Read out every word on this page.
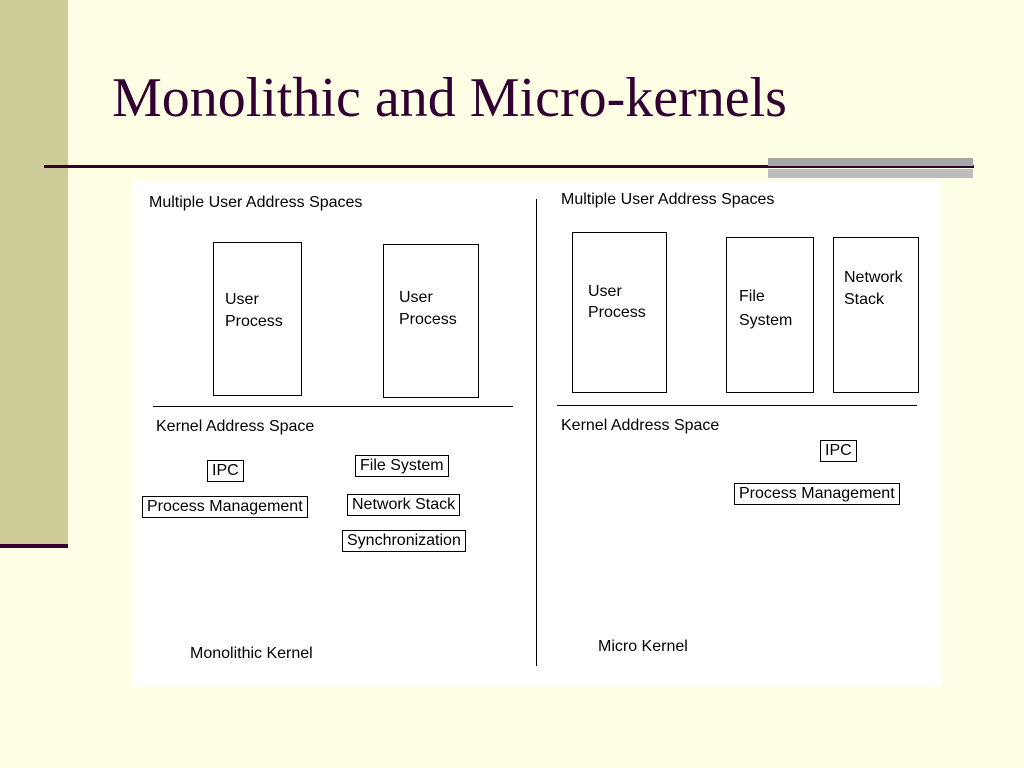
Monolithic and Micro-kernels
Multiple User Address Spaces
User
Process
User
Process
Kernel Address Space
IPC
Process Management
File System
Network Stack
Synchronization
Monolithic Kernel
Multiple User Address Spaces
User
Process
File
System
Network
Stack
Kernel Address Space
IPC
Process Management
Micro Kernel
